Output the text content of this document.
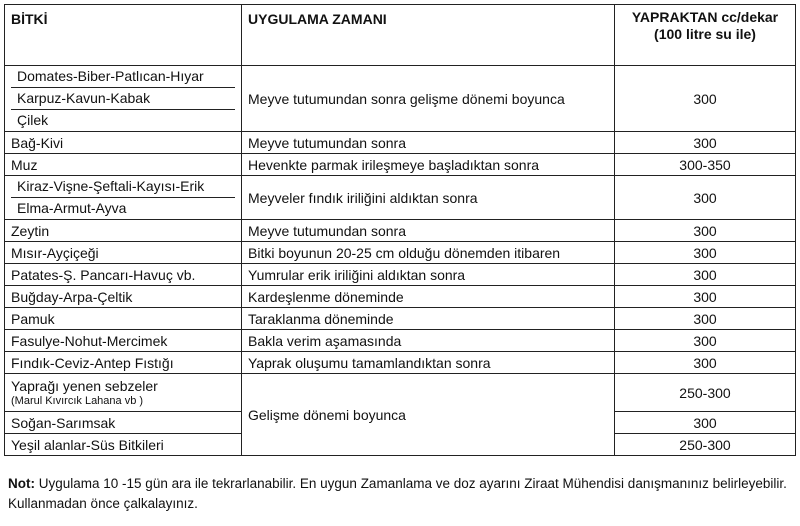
BİTKİ	UYGULAMA ZAMANI	YAPRAKTAN cc/dekar
(100 litre su ile)

Domates-Biber-Patlıcan-Hıyar
Karpuz-Kavun-Kabak
Çilek	Meyve tutumundan sonra gelişme dönemi boyunca	300
Bağ-Kivi	Meyve tutumundan sonra	300
Muz	Hevenkte parmak irileşmeye başladıktan sonra	300-350

Kiraz-Vişne-Şeftali-Kayısı-Erik
Elma-Armut-Ayva	Meyveler fındık iriliğini aldıktan sonra	300
Zeytin	Meyve tutumundan sonra	300
Mısır-Ayçiçeği	Bitki boyunun 20-25 cm olduğu dönemden itibaren	300
Patates-Ş. Pancarı-Havuç vb.	Yumrular erik iriliğini aldıktan sonra	300
Buğday-Arpa-Çeltik	Kardeşlenme döneminde	300
Pamuk	Taraklanma döneminde	300
Fasulye-Nohut-Mercimek	Bakla verim aşamasında	300
Fındık-Ceviz-Antep Fıstığı	Yaprak oluşumu tamamlandıktan sonra	300
Yaprağı yenen sebzeler
(Marul Kıvırcık Lahana vb )	Gelişme dönemi boyunca	250-300
Soğan-Sarımsak		300
Yeşil alanlar-Süs Bitkileri		250-300
Not: Uygulama 10 -15 gün ara ile tekrarlanabilir. En uygun Zamanlama ve doz ayarını Ziraat Mühendisi danışmanınız belirleyebilir. Kullanmadan önce çalkalayınız.
